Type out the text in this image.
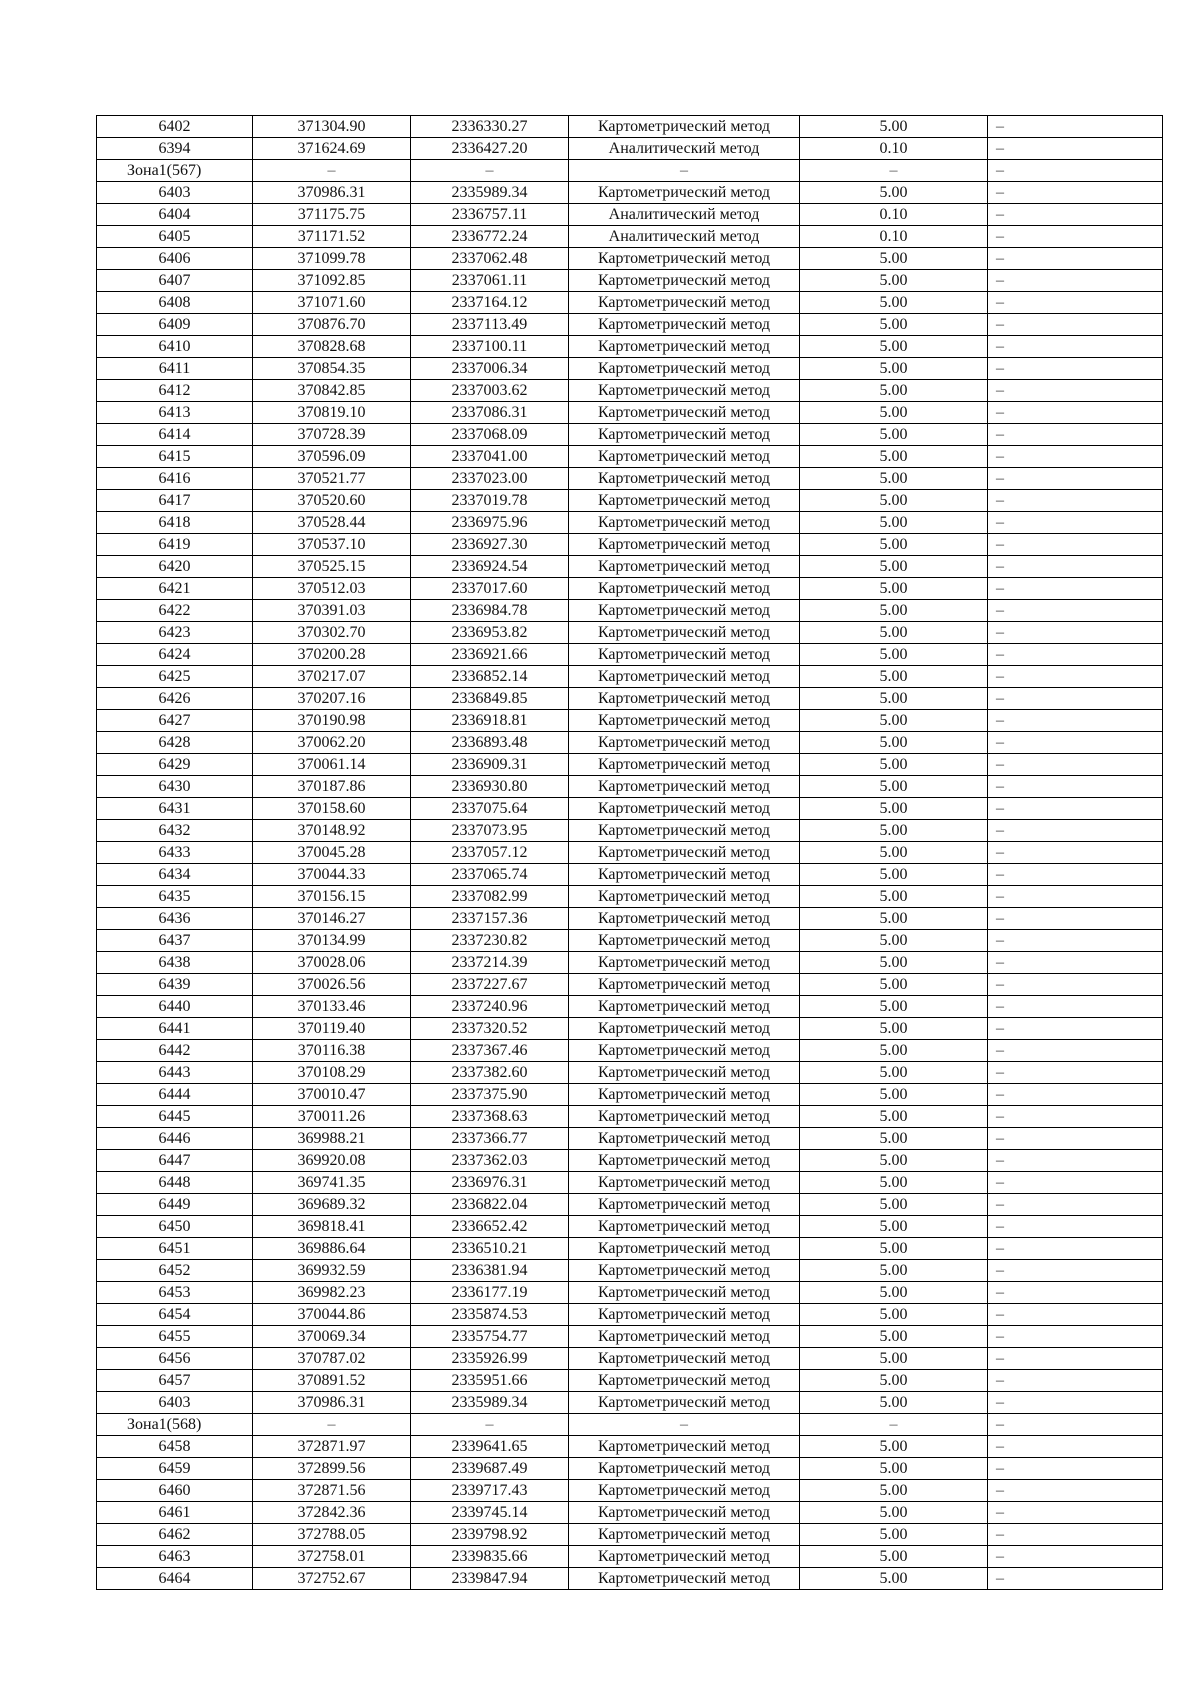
6402	371304.90	2336330.27	Картометрический метод	5.00	–
6394	371624.69	2336427.20	Аналитический метод	0.10	–
Зона1(567)	–	–	–	–	–
6403	370986.31	2335989.34	Картометрический метод	5.00	–
6404	371175.75	2336757.11	Аналитический метод	0.10	–
6405	371171.52	2336772.24	Аналитический метод	0.10	–
6406	371099.78	2337062.48	Картометрический метод	5.00	–
6407	371092.85	2337061.11	Картометрический метод	5.00	–
6408	371071.60	2337164.12	Картометрический метод	5.00	–
6409	370876.70	2337113.49	Картометрический метод	5.00	–
6410	370828.68	2337100.11	Картометрический метод	5.00	–
6411	370854.35	2337006.34	Картометрический метод	5.00	–
6412	370842.85	2337003.62	Картометрический метод	5.00	–
6413	370819.10	2337086.31	Картометрический метод	5.00	–
6414	370728.39	2337068.09	Картометрический метод	5.00	–
6415	370596.09	2337041.00	Картометрический метод	5.00	–
6416	370521.77	2337023.00	Картометрический метод	5.00	–
6417	370520.60	2337019.78	Картометрический метод	5.00	–
6418	370528.44	2336975.96	Картометрический метод	5.00	–
6419	370537.10	2336927.30	Картометрический метод	5.00	–
6420	370525.15	2336924.54	Картометрический метод	5.00	–
6421	370512.03	2337017.60	Картометрический метод	5.00	–
6422	370391.03	2336984.78	Картометрический метод	5.00	–
6423	370302.70	2336953.82	Картометрический метод	5.00	–
6424	370200.28	2336921.66	Картометрический метод	5.00	–
6425	370217.07	2336852.14	Картометрический метод	5.00	–
6426	370207.16	2336849.85	Картометрический метод	5.00	–
6427	370190.98	2336918.81	Картометрический метод	5.00	–
6428	370062.20	2336893.48	Картометрический метод	5.00	–
6429	370061.14	2336909.31	Картометрический метод	5.00	–
6430	370187.86	2336930.80	Картометрический метод	5.00	–
6431	370158.60	2337075.64	Картометрический метод	5.00	–
6432	370148.92	2337073.95	Картометрический метод	5.00	–
6433	370045.28	2337057.12	Картометрический метод	5.00	–
6434	370044.33	2337065.74	Картометрический метод	5.00	–
6435	370156.15	2337082.99	Картометрический метод	5.00	–
6436	370146.27	2337157.36	Картометрический метод	5.00	–
6437	370134.99	2337230.82	Картометрический метод	5.00	–
6438	370028.06	2337214.39	Картометрический метод	5.00	–
6439	370026.56	2337227.67	Картометрический метод	5.00	–
6440	370133.46	2337240.96	Картометрический метод	5.00	–
6441	370119.40	2337320.52	Картометрический метод	5.00	–
6442	370116.38	2337367.46	Картометрический метод	5.00	–
6443	370108.29	2337382.60	Картометрический метод	5.00	–
6444	370010.47	2337375.90	Картометрический метод	5.00	–
6445	370011.26	2337368.63	Картометрический метод	5.00	–
6446	369988.21	2337366.77	Картометрический метод	5.00	–
6447	369920.08	2337362.03	Картометрический метод	5.00	–
6448	369741.35	2336976.31	Картометрический метод	5.00	–
6449	369689.32	2336822.04	Картометрический метод	5.00	–
6450	369818.41	2336652.42	Картометрический метод	5.00	–
6451	369886.64	2336510.21	Картометрический метод	5.00	–
6452	369932.59	2336381.94	Картометрический метод	5.00	–
6453	369982.23	2336177.19	Картометрический метод	5.00	–
6454	370044.86	2335874.53	Картометрический метод	5.00	–
6455	370069.34	2335754.77	Картометрический метод	5.00	–
6456	370787.02	2335926.99	Картометрический метод	5.00	–
6457	370891.52	2335951.66	Картометрический метод	5.00	–
6403	370986.31	2335989.34	Картометрический метод	5.00	–
Зона1(568)	–	–	–	–	–
6458	372871.97	2339641.65	Картометрический метод	5.00	–
6459	372899.56	2339687.49	Картометрический метод	5.00	–
6460	372871.56	2339717.43	Картометрический метод	5.00	–
6461	372842.36	2339745.14	Картометрический метод	5.00	–
6462	372788.05	2339798.92	Картометрический метод	5.00	–
6463	372758.01	2339835.66	Картометрический метод	5.00	–
6464	372752.67	2339847.94	Картометрический метод	5.00	–
